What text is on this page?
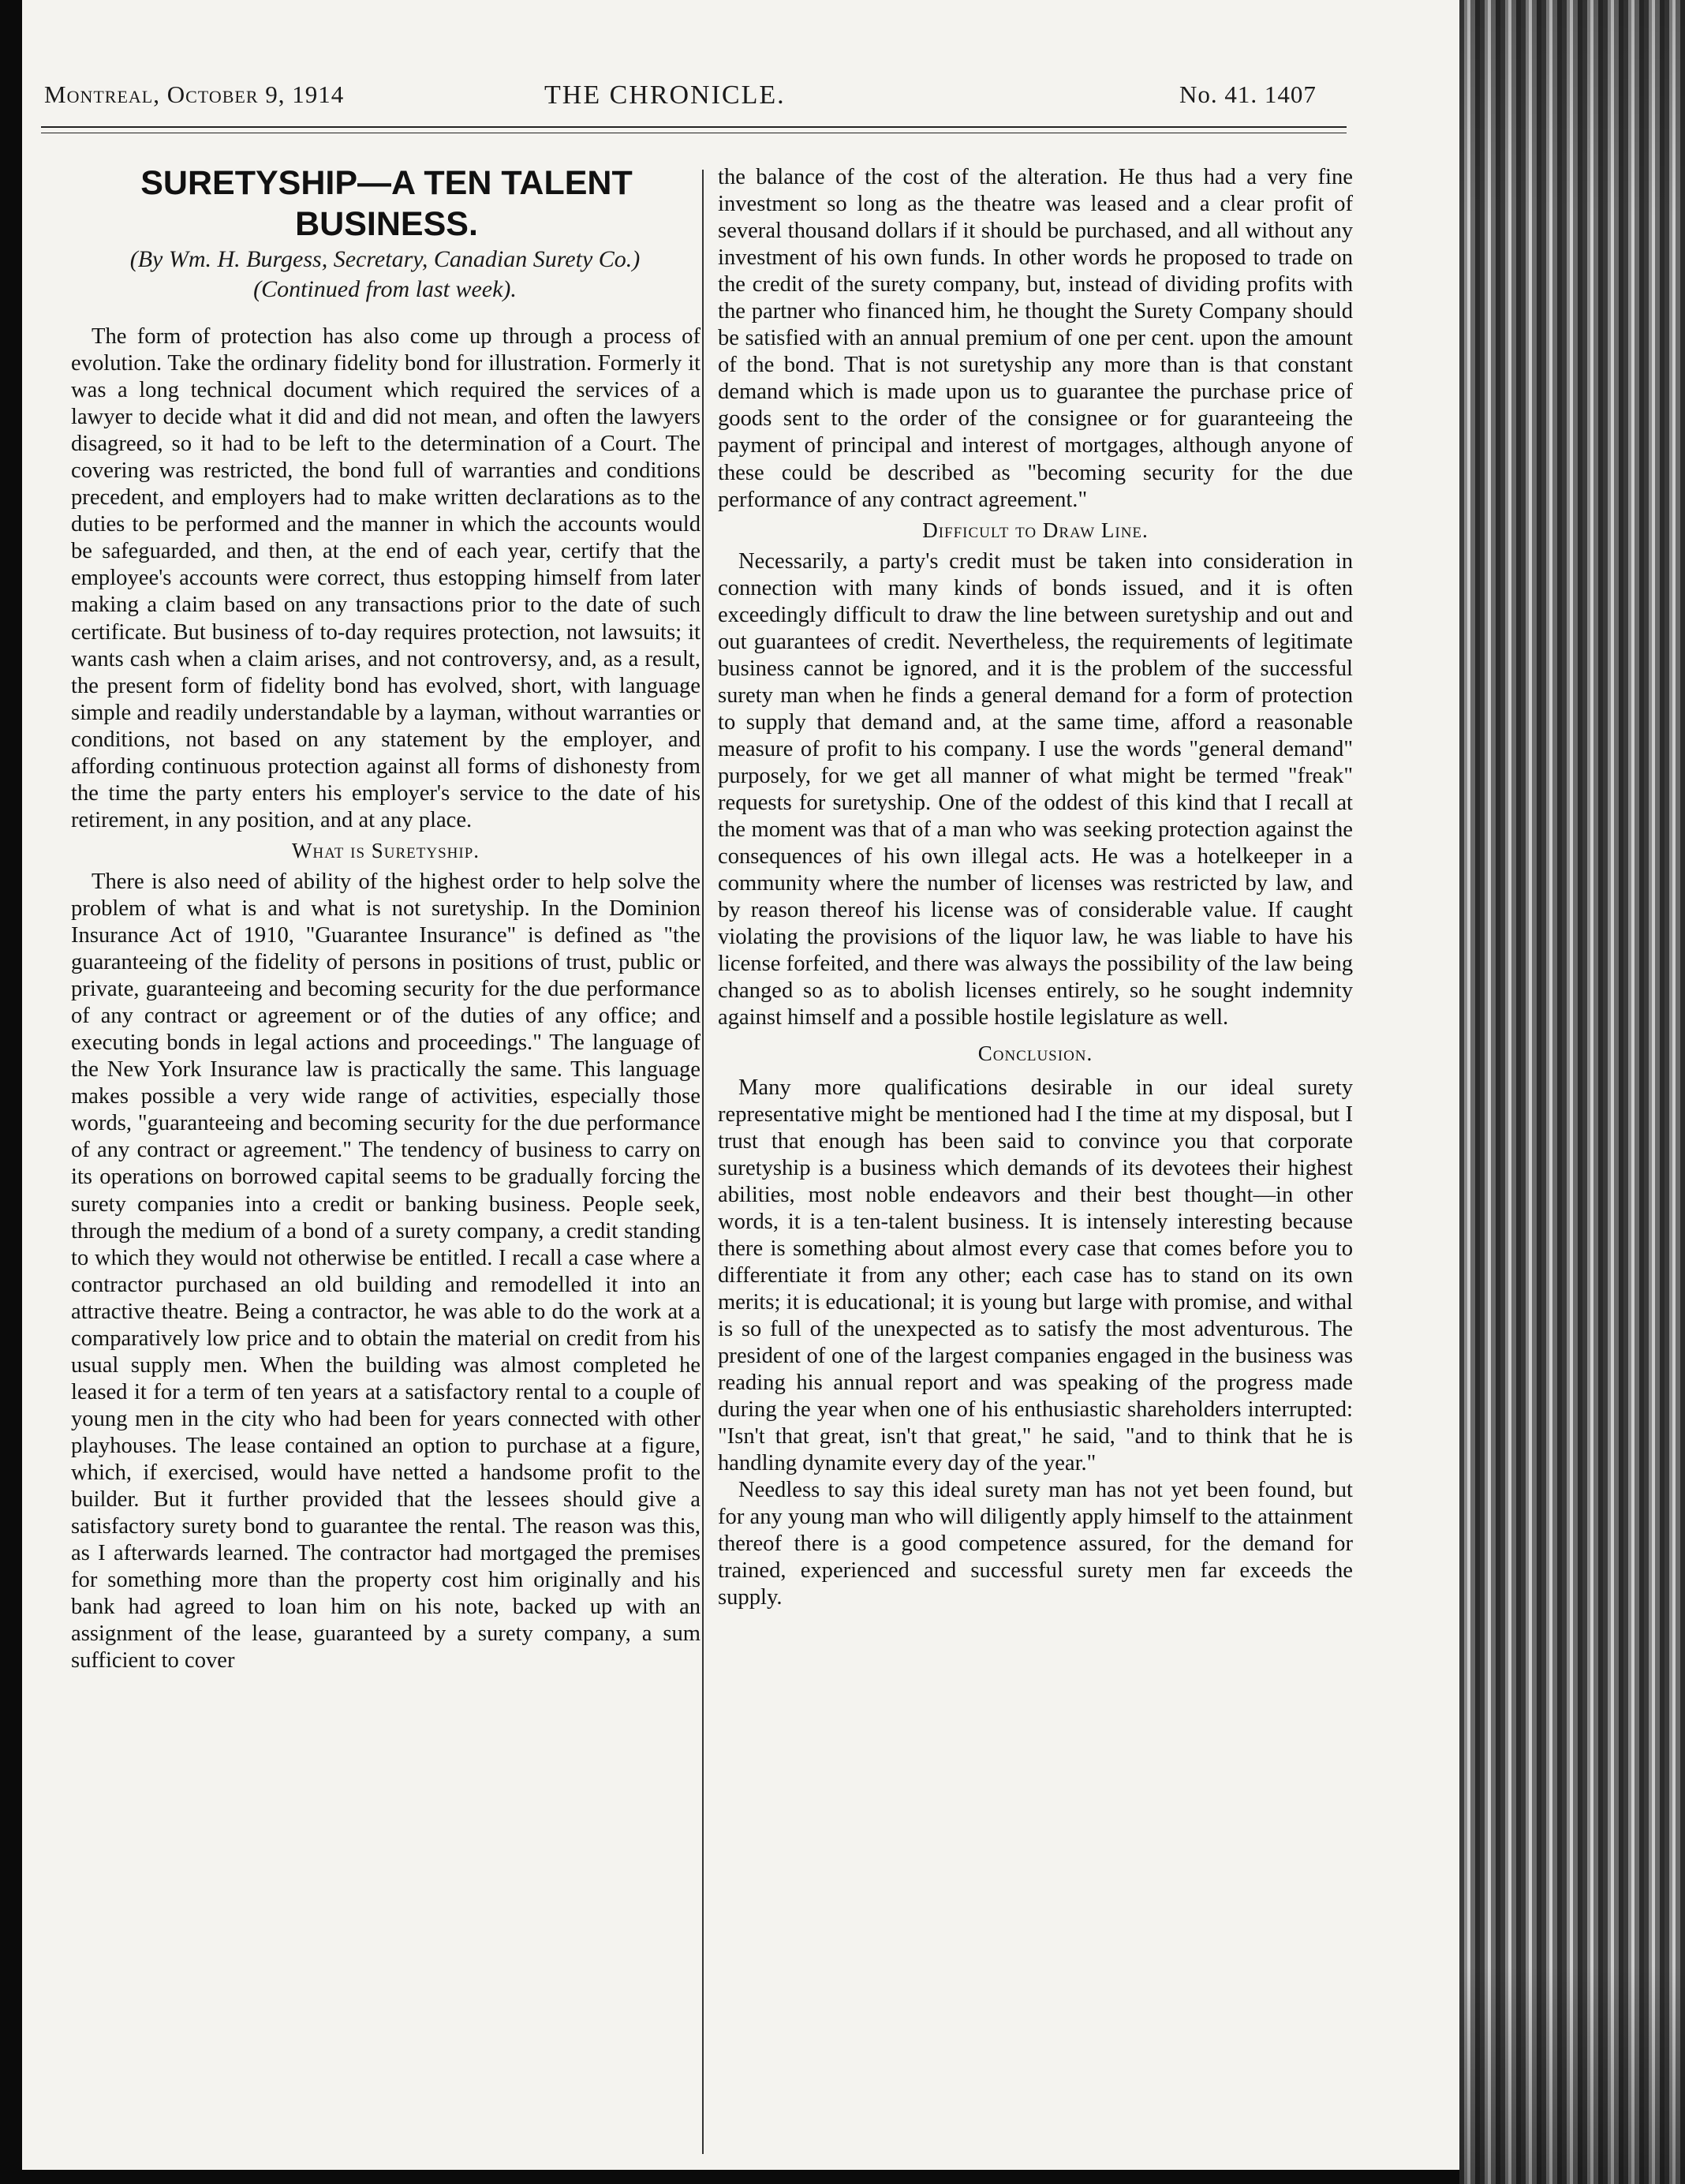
Montreal, October 9, 1914	THE CHRONICLE.	No. 41. 1407
SURETYSHIP—A TEN TALENT BUSINESS.
(By Wm. H. Burgess, Secretary, Canadian Surety Co.)
(Continued from last week).

The form of protection has also come up through a process of evolution. Take the ordinary fidelity bond for illustration. Formerly it was a long technical document which required the services of a lawyer to decide what it did and did not mean, and often the lawyers disagreed, so it had to be left to the determination of a Court. The covering was restricted, the bond full of warranties and conditions precedent, and employers had to make written declarations as to the duties to be performed and the manner in which the accounts would be safeguarded, and then, at the end of each year, certify that the employee's accounts were correct, thus estopping himself from later making a claim based on any transactions prior to the date of such certificate. But business of to-day requires protection, not lawsuits; it wants cash when a claim arises, and not controversy, and, as a result, the present form of fidelity bond has evolved, short, with language simple and readily understandable by a layman, without warranties or conditions, not based on any statement by the employer, and affording continuous protection against all forms of dishonesty from the time the party enters his employer's service to the date of his retirement, in any position, and at any place.

What is Suretyship.

There is also need of ability of the highest order to help solve the problem of what is and what is not suretyship. In the Dominion Insurance Act of 1910, "Guarantee Insurance" is defined as "the guaranteeing of the fidelity of persons in positions of trust, public or private, guaranteeing and becoming security for the due performance of any contract or agreement or of the duties of any office; and executing bonds in legal actions and proceedings." The language of the New York Insurance law is practically the same. This language makes possible a very wide range of activities, especially those words, "guaranteeing and becoming security for the due performance of any contract or agreement." The tendency of business to carry on its operations on borrowed capital seems to be gradually forcing the surety companies into a credit or banking business. People seek, through the medium of a bond of a surety company, a credit standing to which they would not otherwise be entitled. I recall a case where a contractor purchased an old building and remodelled it into an attractive theatre. Being a contractor, he was able to do the work at a comparatively low price and to obtain the material on credit from his usual supply men. When the building was almost completed he leased it for a term of ten years at a satisfactory rental to a couple of young men in the city who had been for years connected with other playhouses. The lease contained an option to purchase at a figure, which, if exercised, would have netted a handsome profit to the builder. But it further provided that the lessees should give a satisfactory surety bond to guarantee the rental. The reason was this, as I afterwards learned. The contractor had mortgaged the premises for something more than the property cost him originally and his bank had agreed to loan him on his note, backed up with an assignment of the lease, guaranteed by a surety company, a sum sufficient to cover

the balance of the cost of the alteration. He thus had a very fine investment so long as the theatre was leased and a clear profit of several thousand dollars if it should be purchased, and all without any investment of his own funds. In other words he proposed to trade on the credit of the surety company, but, instead of dividing profits with the partner who financed him, he thought the Surety Company should be satisfied with an annual premium of one per cent. upon the amount of the bond. That is not suretyship any more than is that constant demand which is made upon us to guarantee the purchase price of goods sent to the order of the consignee or for guaranteeing the payment of principal and interest of mortgages, although anyone of these could be described as "becoming security for the due performance of any contract agreement."

Difficult to Draw Line.

Necessarily, a party's credit must be taken into consideration in connection with many kinds of bonds issued, and it is often exceedingly difficult to draw the line between suretyship and out and out guarantees of credit. Nevertheless, the requirements of legitimate business cannot be ignored, and it is the problem of the successful surety man when he finds a general demand for a form of protection to supply that demand and, at the same time, afford a reasonable measure of profit to his company. I use the words "general demand" purposely, for we get all manner of what might be termed "freak" requests for suretyship. One of the oddest of this kind that I recall at the moment was that of a man who was seeking protection against the consequences of his own illegal acts. He was a hotelkeeper in a community where the number of licenses was restricted by law, and by reason thereof his license was of considerable value. If caught violating the provisions of the liquor law, he was liable to have his license forfeited, and there was always the possibility of the law being changed so as to abolish licenses entirely, so he sought indemnity against himself and a possible hostile legislature as well.

Conclusion.

Many more qualifications desirable in our ideal surety representative might be mentioned had I the time at my disposal, but I trust that enough has been said to convince you that corporate suretyship is a business which demands of its devotees their highest abilities, most noble endeavors and their best thought—in other words, it is a ten-talent business. It is intensely interesting because there is something about almost every case that comes before you to differentiate it from any other; each case has to stand on its own merits; it is educational; it is young but large with promise, and withal is so full of the unexpected as to satisfy the most adventurous. The president of one of the largest companies engaged in the business was reading his annual report and was speaking of the progress made during the year when one of his enthusiastic shareholders interrupted: "Isn't that great, isn't that great," he said, "and to think that he is handling dynamite every day of the year."

Needless to say this ideal surety man has not yet been found, but for any young man who will diligently apply himself to the attainment thereof there is a good competence assured, for the demand for trained, experienced and successful surety men far exceeds the supply.
